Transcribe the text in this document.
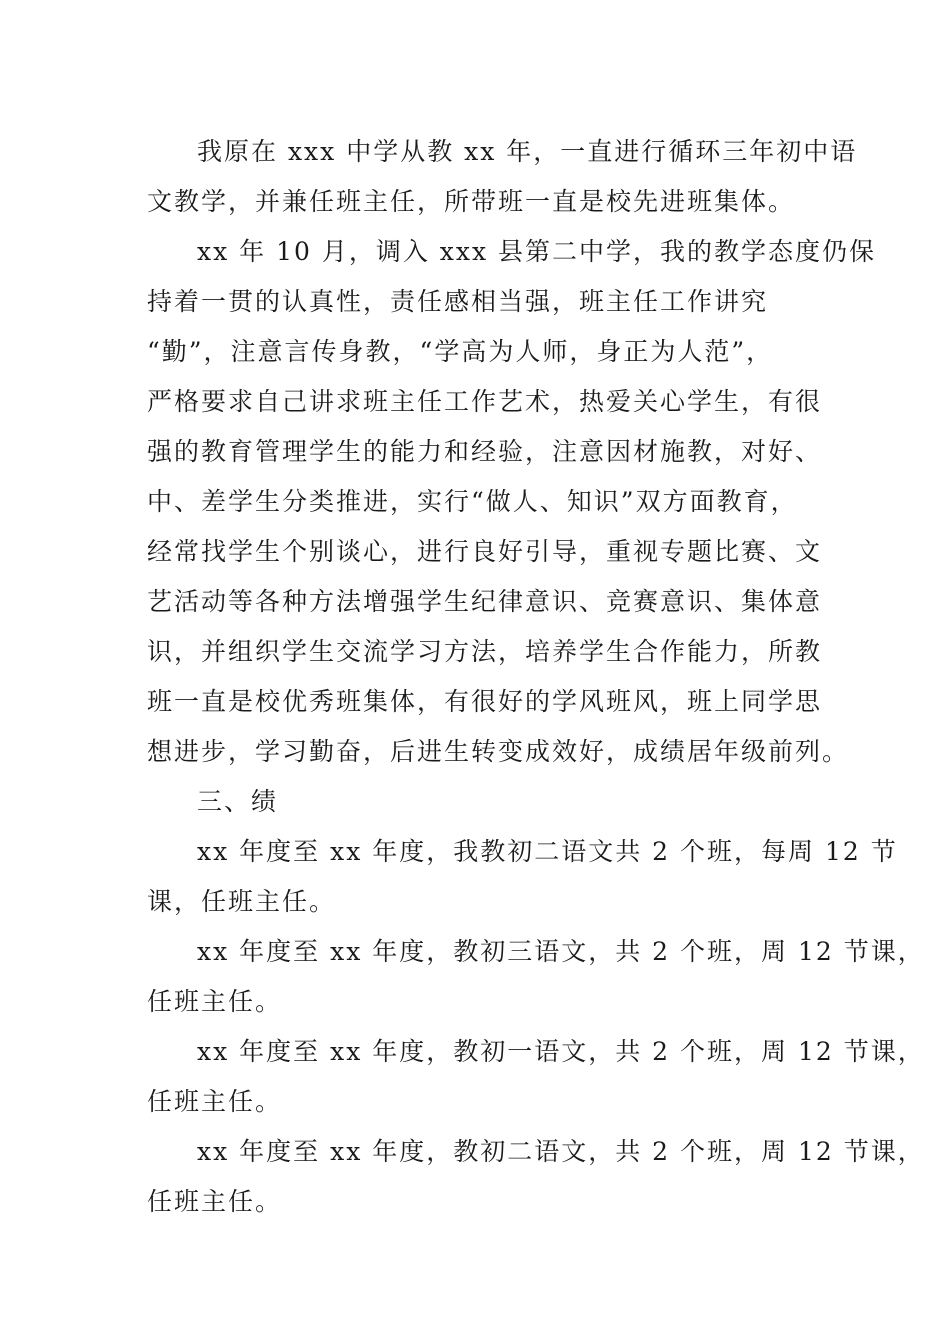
我原在 xxx 中学从教 xx 年，一直进行循环三年初中语
文教学，并兼任班主任，所带班一直是校先进班集体。

xx 年 10 月，调入 xxx 县第二中学，我的教学态度仍保
持着一贯的认真性，责任感相当强，班主任工作讲究
“勤”，注意言传身教，“学高为人师，身正为人范”，
严格要求自己讲求班主任工作艺术，热爱关心学生，有很
强的教育管理学生的能力和经验，注意因材施教，对好、
中、差学生分类推进，实行“做人、知识”双方面教育，
经常找学生个别谈心，进行良好引导，重视专题比赛、文
艺活动等各种方法增强学生纪律意识、竞赛意识、集体意
识，并组织学生交流学习方法，培养学生合作能力，所教
班一直是校优秀班集体，有很好的学风班风，班上同学思
想进步，学习勤奋，后进生转变成效好，成绩居年级前列。

三、绩

xx 年度至 xx 年度，我教初二语文共 2 个班，每周 12 节
课，任班主任。

xx 年度至 xx 年度，教初三语文，共 2 个班，周 12 节课，
任班主任。

xx 年度至 xx 年度，教初一语文，共 2 个班，周 12 节课，
任班主任。

xx 年度至 xx 年度，教初二语文，共 2 个班，周 12 节课，
任班主任。
